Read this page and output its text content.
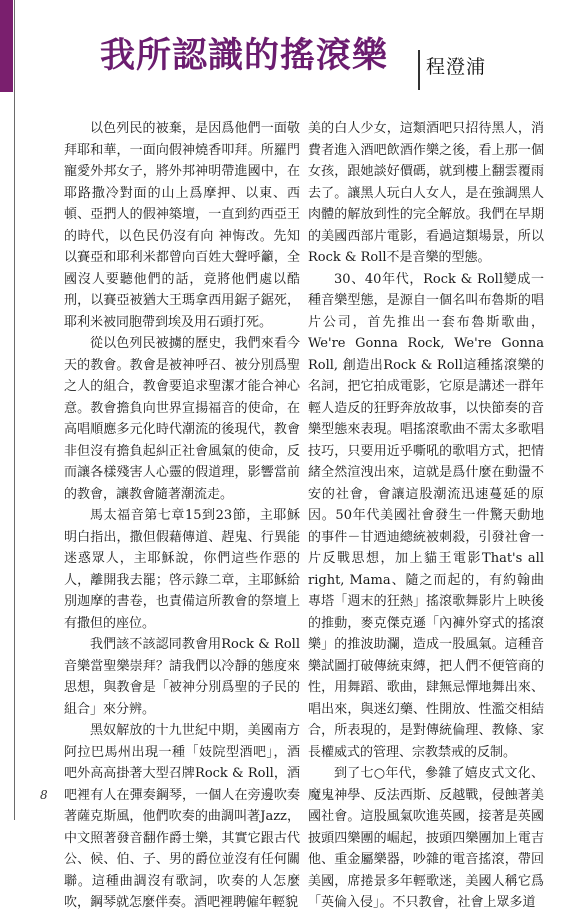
我所認識的搖滾樂	程澄浦

以色列民的被棄，是因爲他們一面敬拜耶和華，一面向假神燒香叩拜。所羅門寵愛外邦女子，將外邦神明帶進國中，在耶路撒冷對面的山上爲摩押、以東、西頓、亞捫人的假神築壇，一直到約西亞王的時代，以色民仍沒有向 神悔改。先知以賽亞和耶利米都曾向百姓大聲呼籲，全國沒人要聽他們的話，竟將他們處以酷刑，以賽亞被猶大王瑪拿西用鋸子鋸死，耶利米被同胞帶到埃及用石頭打死。

從以色列民被擄的歷史，我們來看今天的教會。教會是被神呼召、被分別爲聖之人的組合，教會要追求聖潔才能合神心意。教會擔負向世界宣揚福音的使命，在高唱順應多元化時代潮流的後現代，教會非但沒有擔負起糾正社會風氣的使命，反而讓各樣殘害人心靈的假道理，影響當前的教會，讓教會隨著潮流走。

馬太福音第七章15到23節，主耶穌明白指出，撒但假藉傳道、趕鬼、行異能迷惑眾人，主耶穌說，你們這些作惡的人，離開我去罷；啓示錄二章，主耶穌給別迦摩的書卷，也責備這所教會的祭壇上有撒但的座位。

我們該不該認同教會用Rock & Roll音樂當聖樂崇拜？請我們以冷靜的態度來思想，與教會是「被神分別爲聖的子民的組合」來分辨。

黑奴解放的十九世紀中期，美國南方阿拉巴馬州出現一種「妓院型酒吧」，酒吧外高高掛著大型召牌Rock & Roll，酒吧裡有人在彈奏鋼琴，一個人在旁邊吹奏著薩克斯風，他們吹奏的曲調叫著Jazz，中文照著發音翻作爵士樂，其實它跟古代公、候、伯、子、男的爵位並沒有任何關聯。這種曲調沒有歌詞，吹奏的人怎麼吹，鋼琴就怎麼伴奏。酒吧裡聘僱年輕貌

美的白人少女，這類酒吧只招待黑人，消費者進入酒吧飲酒作樂之後，看上那一個女孩，跟她談好價碼，就到樓上翻雲覆雨去了。讓黑人玩白人女人，是在強調黑人肉體的解放到性的完全解放。我們在早期的美國西部片電影，看過這類場景，所以Rock & Roll不是音樂的型態。

30、40年代，Rock & Roll變成一種音樂型態，是源自一個名叫布魯斯的唱片公司，首先推出一套布魯斯歌曲，We're Gonna Rock, We're Gonna Roll, 創造出Rock & Roll這種搖滾樂的名詞，把它拍成電影，它原是講述一群年輕人造反的狂野奔放故事，以快節奏的音樂型態來表現。唱搖滾歌曲不需太多歌唱技巧，只要用近乎嘶吼的歌唱方式，把情緒全然渲洩出來，這就是爲什麼在動盪不安的社會，會讓這股潮流迅速蔓延的原因。50年代美國社會發生一件驚天動地的事件－甘迺迪總統被刺殺，引發社會一片反戰思想，加上貓王電影That's all right, Mama、隨之而起的，有約翰曲專塔「週末的狂熱」搖滾歌舞影片上映後的推動，麥克傑克遜「內褲外穿式的搖滾樂」的推波助瀾，造成一股風氣。這種音樂試圖打破傳統束縛，把人們不便管商的性，用舞蹈、歌曲，肆無忌憚地舞出來、唱出來，與迷幻藥、性開放、性濫交相結合，所表現的，是對傳統倫理、教條、家長權威式的管理、宗教禁戒的反制。

到了七○年代，參雜了嬉皮式文化、魔鬼神學、反法西斯、反越戰，侵蝕著美國社會。這股風氣吹進英國，接著是英國披頭四樂團的崛起，披頭四樂團加上電吉他、重金屬樂器，吵雜的電音搖滾，帶回美國，席捲景多年輕歌迷，美國人稱它爲「英倫入侵」。不只教會，社會上眾多道

8
